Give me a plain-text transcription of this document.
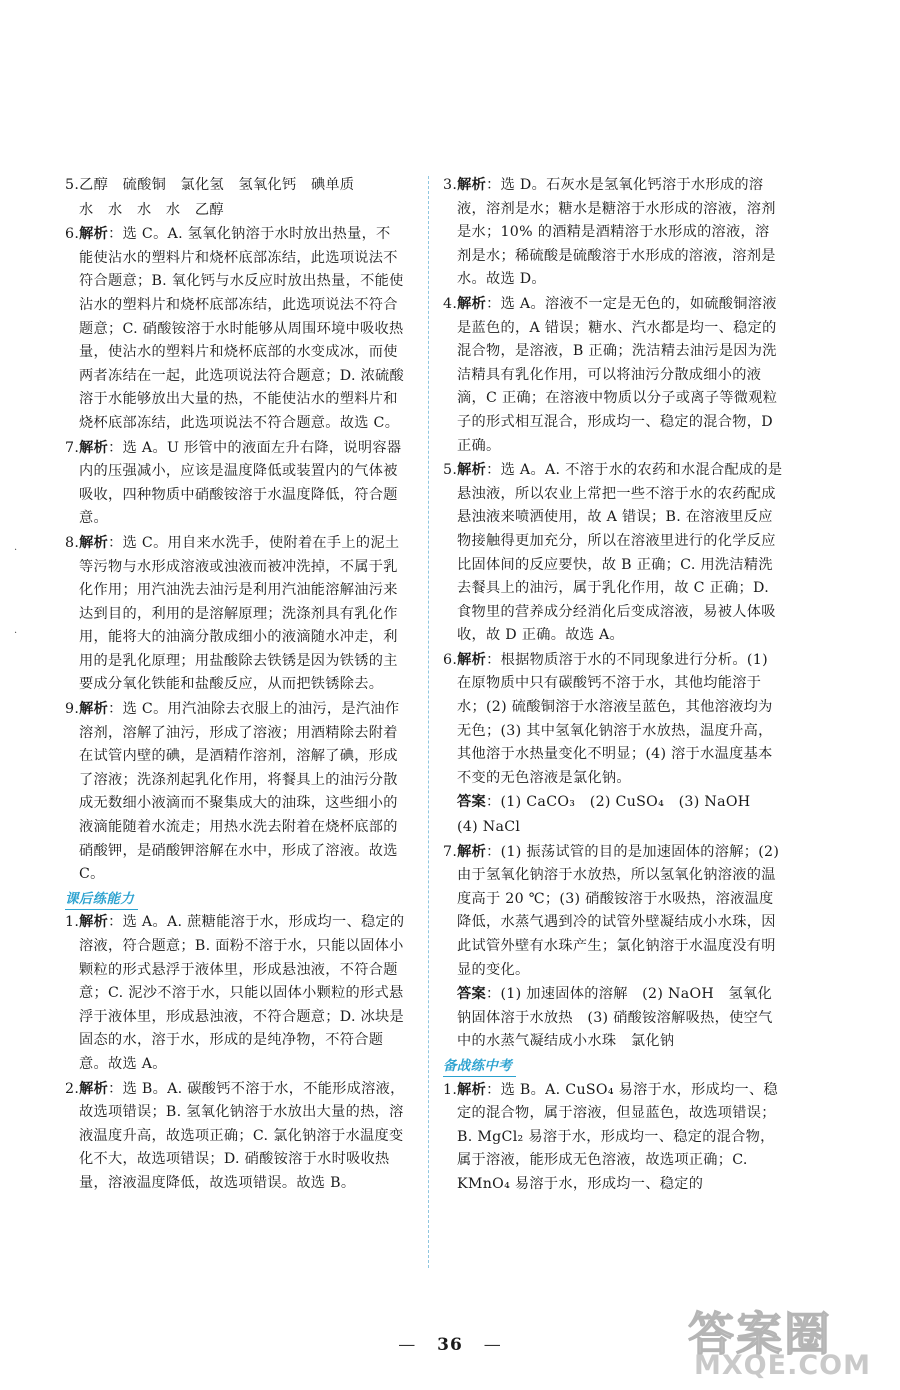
5.乙醇　硫酸铜　氯化氢　氢氧化钙　碘单质
水　水　水　水　乙醇
6.解析：选 C。A. 氢氧化钠溶于水时放出热量，不能使沾水的塑料片和烧杯底部冻结，此选项说法不符合题意；B. 氧化钙与水反应时放出热量，不能使沾水的塑料片和烧杯底部冻结，此选项说法不符合题意；C. 硝酸铵溶于水时能够从周围环境中吸收热量，使沾水的塑料片和烧杯底部的水变成冰，而使两者冻结在一起，此选项说法符合题意；D. 浓硫酸溶于水能够放出大量的热，不能使沾水的塑料片和烧杯底部冻结，此选项说法不符合题意。故选 C。
7.解析：选 A。U 形管中的液面左升右降，说明容器内的压强减小，应该是温度降低或装置内的气体被吸收，四种物质中硝酸铵溶于水温度降低，符合题意。
8.解析：选 C。用自来水洗手，使附着在手上的泥土等污物与水形成溶液或浊液而被冲洗掉，不属于乳化作用；用汽油洗去油污是利用汽油能溶解油污来达到目的，利用的是溶解原理；洗涤剂具有乳化作用，能将大的油滴分散成细小的液滴随水冲走，利用的是乳化原理；用盐酸除去铁锈是因为铁锈的主要成分氧化铁能和盐酸反应，从而把铁锈除去。
9.解析：选 C。用汽油除去衣服上的油污，是汽油作溶剂，溶解了油污，形成了溶液；用酒精除去附着在试管内壁的碘，是酒精作溶剂，溶解了碘，形成了溶液；洗涤剂起乳化作用，将餐具上的油污分散成无数细小液滴而不聚集成大的油珠，这些细小的液滴能随着水流走；用热水洗去附着在烧杯底部的硝酸钾，是硝酸钾溶解在水中，形成了溶液。故选 C。
课后练能力
1.解析：选 A。A. 蔗糖能溶于水，形成均一、稳定的溶液，符合题意；B. 面粉不溶于水，只能以固体小颗粒的形式悬浮于液体里，形成悬浊液，不符合题意；C. 泥沙不溶于水，只能以固体小颗粒的形式悬浮于液体里，形成悬浊液，不符合题意；D. 冰块是固态的水，溶于水，形成的是纯净物，不符合题意。故选 A。
2.解析：选 B。A. 碳酸钙不溶于水，不能形成溶液，故选项错误；B. 氢氧化钠溶于水放出大量的热，溶液温度升高，故选项正确；C. 氯化钠溶于水温度变化不大，故选项错误；D. 硝酸铵溶于水时吸收热量，溶液温度降低，故选项错误。故选 B。
3.解析：选 D。石灰水是氢氧化钙溶于水形成的溶液，溶剂是水；糖水是糖溶于水形成的溶液，溶剂是水；10% 的酒精是酒精溶于水形成的溶液，溶剂是水；稀硫酸是硫酸溶于水形成的溶液，溶剂是水。故选 D。
4.解析：选 A。溶液不一定是无色的，如硫酸铜溶液是蓝色的，A 错误；糖水、汽水都是均一、稳定的混合物，是溶液，B 正确；洗洁精去油污是因为洗洁精具有乳化作用，可以将油污分散成细小的液滴，C 正确；在溶液中物质以分子或离子等微观粒子的形式相互混合，形成均一、稳定的混合物，D 正确。
5.解析：选 A。A. 不溶于水的农药和水混合配成的是悬浊液，所以农业上常把一些不溶于水的农药配成悬浊液来喷洒使用，故 A 错误；B. 在溶液里反应物接触得更加充分，所以在溶液里进行的化学反应比固体间的反应要快，故 B 正确；C. 用洗洁精洗去餐具上的油污，属于乳化作用，故 C 正确；D. 食物里的营养成分经消化后变成溶液，易被人体吸收，故 D 正确。故选 A。
6.解析：根据物质溶于水的不同现象进行分析。(1) 在原物质中只有碳酸钙不溶于水，其他均能溶于水；(2) 硫酸铜溶于水溶液呈蓝色，其他溶液均为无色；(3) 其中氢氧化钠溶于水放热，温度升高，其他溶于水热量变化不明显；(4) 溶于水温度基本不变的无色溶液是氯化钠。
答案：(1) CaCO₃　(2) CuSO₄　(3) NaOH
(4) NaCl
7.解析：(1) 振荡试管的目的是加速固体的溶解；(2) 由于氢氧化钠溶于水放热，所以氢氧化钠溶液的温度高于 20 ℃；(3) 硝酸铵溶于水吸热，溶液温度降低，水蒸气遇到冷的试管外壁凝结成小水珠，因此试管外壁有水珠产生；氯化钠溶于水温度没有明显的变化。
答案：(1) 加速固体的溶解　(2) NaOH　氢氧化钠固体溶于水放热　(3) 硝酸铵溶解吸热，使空气中的水蒸气凝结成小水珠　氯化钠
备战练中考
1.解析：选 B。A. CuSO₄ 易溶于水，形成均一、稳定的混合物，属于溶液，但显蓝色，故选项错误；B. MgCl₂ 易溶于水，形成均一、稳定的混合物，属于溶液，能形成无色溶液，故选项正确；C. KMnO₄ 易溶于水，形成均一、稳定的
— 36 —	答案圈
MXQE.COM
·
·
